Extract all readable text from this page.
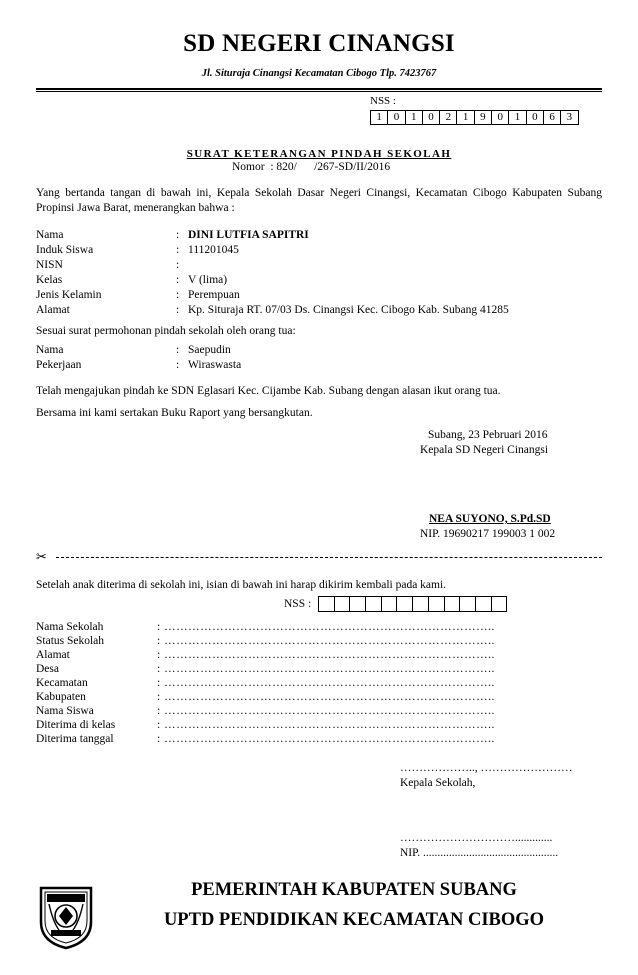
SD NEGERI CINANGSI
Jl. Situraja Cinangsi Kecamatan Cibogo Tlp. 7423767
NSS :
1	0	1	0	2	1	9	0	1	0	6	3
SURAT KETERANGAN PINDAH SEKOLAH
Nomor  : 820/      /267-SD/II/2016
Yang bertanda tangan di bawah ini, Kepala Sekolah Dasar Negeri Cinangsi, Kecamatan Cibogo Kabupaten Subang Propinsi Jawa Barat, menerangkan bahwa :
Nama	: DINI LUTFIA SAPITRI
Induk Siswa	: 111201045
NISN	:
Kelas	: V (lima)
Jenis Kelamin	: Perempuan
Alamat	: Kp. Situraja RT. 07/03 Ds. Cinangsi Kec. Cibogo Kab. Subang 41285
Sesuai surat permohonan pindah sekolah oleh orang tua:
Nama	: Saepudin
Pekerjaan	: Wiraswasta
Telah mengajukan pindah ke SDN Eglasari Kec. Cijambe Kab. Subang dengan alasan ikut orang tua.
Bersama ini kami sertakan Buku Raport yang bersangkutan.
Subang, 23 Pebruari 2016
Kepala SD Negeri Cinangsi
NEA SUYONO, S.Pd.SD
NIP. 19690217 199003 1 002
✂
Setelah anak diterima di sekolah ini, isian di bawah ini harap dikirim kembali pada kami.
NSS :

Nama Sekolah	: ………………………………………………………………………..
Status Sekolah	: ………………………………………………………………………..
Alamat	: ………………………………………………………………………..
Desa	: ………………………………………………………………………..
Kecamatan	: ………………………………………………………………………..
Kabupaten	: ………………………………………………………………………..
Nama Siswa	: ………………………………………………………………………..
Diterima di kelas	: ………………………………………………………………………..
Diterima tanggal	: ………………………………………………………………………..
……………….., ……………………
Kepala Sekolah,
………………………….............
NIP. ...............................................
PEMERINTAH KABUPATEN SUBANG
UPTD PENDIDIKAN KECAMATAN CIBOGO
